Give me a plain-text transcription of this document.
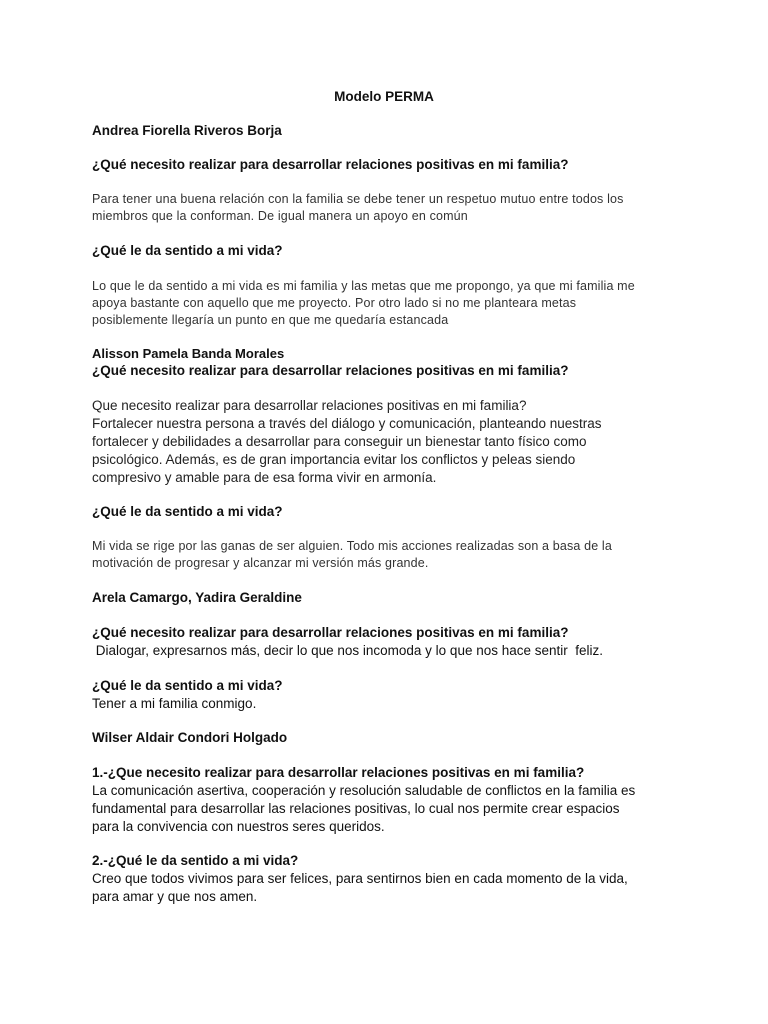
Modelo PERMA
Andrea Fiorella Riveros Borja
¿Qué necesito realizar para desarrollar relaciones positivas en mi familia?
Para tener una buena relación con la familia se debe tener un respetuo mutuo entre todos los
miembros que la conforman. De igual manera un apoyo en común
¿Qué le da sentido a mi vida?
Lo que le da sentido a mi vida es mi familia y las metas que me propongo, ya que mi familia me
apoya bastante con aquello que me proyecto. Por otro lado si no me planteara metas
posiblemente llegaría un punto en que me quedaría estancada
Alisson Pamela Banda Morales
¿Qué necesito realizar para desarrollar relaciones positivas en mi familia?
Que necesito realizar para desarrollar relaciones positivas en mi familia?
Fortalecer nuestra persona a través del diálogo y comunicación, planteando nuestras
fortalecer y debilidades a desarrollar para conseguir un bienestar tanto físico como
psicológico. Además, es de gran importancia evitar los conflictos y peleas siendo
compresivo y amable para de esa forma vivir en armonía.
¿Qué le da sentido a mi vida?
Mi vida se rige por las ganas de ser alguien. Todo mis acciones realizadas son a basa de la
motivación de progresar y alcanzar mi versión más grande.
Arela Camargo, Yadira Geraldine
¿Qué necesito realizar para desarrollar relaciones positivas en mi familia?
Dialogar, expresarnos más, decir lo que nos incomoda y lo que nos hace sentir  feliz.
¿Qué le da sentido a mi vida?
Tener a mi familia conmigo.
Wilser Aldair Condori Holgado
1.-¿Que necesito realizar para desarrollar relaciones positivas en mi familia?
La comunicación asertiva, cooperación y resolución saludable de conflictos en la familia es
fundamental para desarrollar las relaciones positivas, lo cual nos permite crear espacios
para la convivencia con nuestros seres queridos.
2.-¿Qué le da sentido a mi vida?
Creo que todos vivimos para ser felices, para sentirnos bien en cada momento de la vida,
para amar y que nos amen.
